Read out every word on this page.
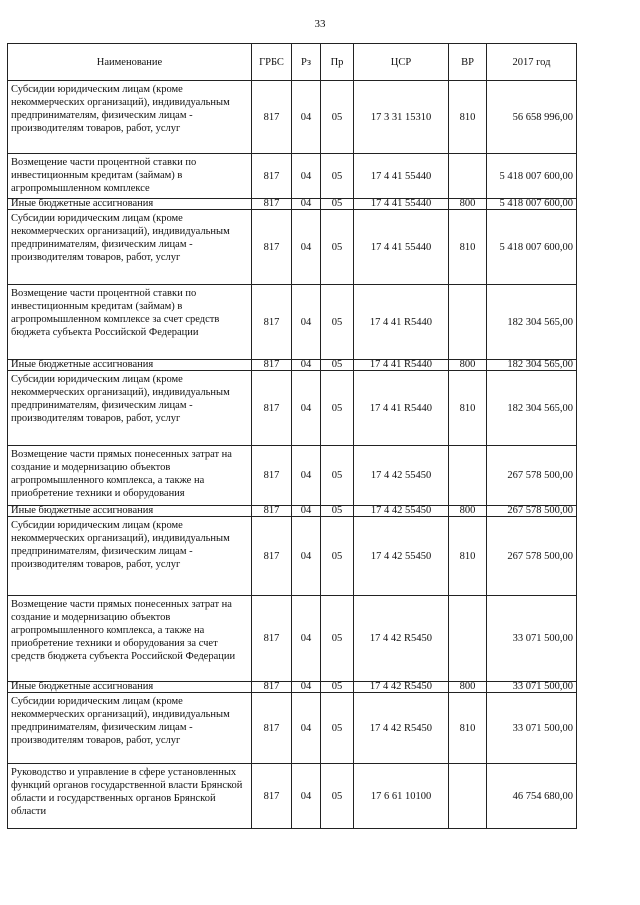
33
Наименование	ГРБС	Рз	Пр	ЦСР	ВР	2017 год
Субсидии юридическим лицам (кроме некоммерческих организаций), индивидуальным предпринимателям, физическим лицам - производителям товаров, работ, услуг	817	04	05	17 3 31 15310	810	56 658 996,00
Возмещение части процентной ставки по инвестиционным кредитам (займам) в агропромышленном комплексе	817	04	05	17 4 41 55440		5 418 007 600,00
Иные бюджетные ассигнования	817	04	05	17 4 41 55440	800	5 418 007 600,00
Субсидии юридическим лицам (кроме некоммерческих организаций), индивидуальным предпринимателям, физическим лицам - производителям товаров, работ, услуг	817	04	05	17 4 41 55440	810	5 418 007 600,00
Возмещение части процентной ставки по инвестиционным кредитам (займам) в агропромышленном комплексе за счет средств бюджета субъекта Российской Федерации	817	04	05	17 4 41 R5440		182 304 565,00
Иные бюджетные ассигнования	817	04	05	17 4 41 R5440	800	182 304 565,00
Субсидии юридическим лицам (кроме некоммерческих организаций), индивидуальным предпринимателям, физическим лицам - производителям товаров, работ, услуг	817	04	05	17 4 41 R5440	810	182 304 565,00
Возмещение части прямых понесенных затрат на создание и модернизацию объектов агропромышленного комплекса, а также на приобретение техники и оборудования	817	04	05	17 4 42 55450		267 578 500,00
Иные бюджетные ассигнования	817	04	05	17 4 42 55450	800	267 578 500,00
Субсидии юридическим лицам (кроме некоммерческих организаций), индивидуальным предпринимателям, физическим лицам - производителям товаров, работ, услуг	817	04	05	17 4 42 55450	810	267 578 500,00
Возмещение части прямых понесенных затрат на создание и модернизацию объектов агропромышленного комплекса, а также на приобретение техники и оборудования за счет средств бюджета субъекта Российской Федерации	817	04	05	17 4 42 R5450		33 071 500,00
Иные бюджетные ассигнования	817	04	05	17 4 42 R5450	800	33 071 500,00
Субсидии юридическим лицам (кроме некоммерческих организаций), индивидуальным предпринимателям, физическим лицам - производителям товаров, работ, услуг	817	04	05	17 4 42 R5450	810	33 071 500,00
Руководство и управление в сфере установленных функций органов государственной власти Брянской области и государственных органов Брянской области	817	04	05	17 6 61 10100		46 754 680,00
